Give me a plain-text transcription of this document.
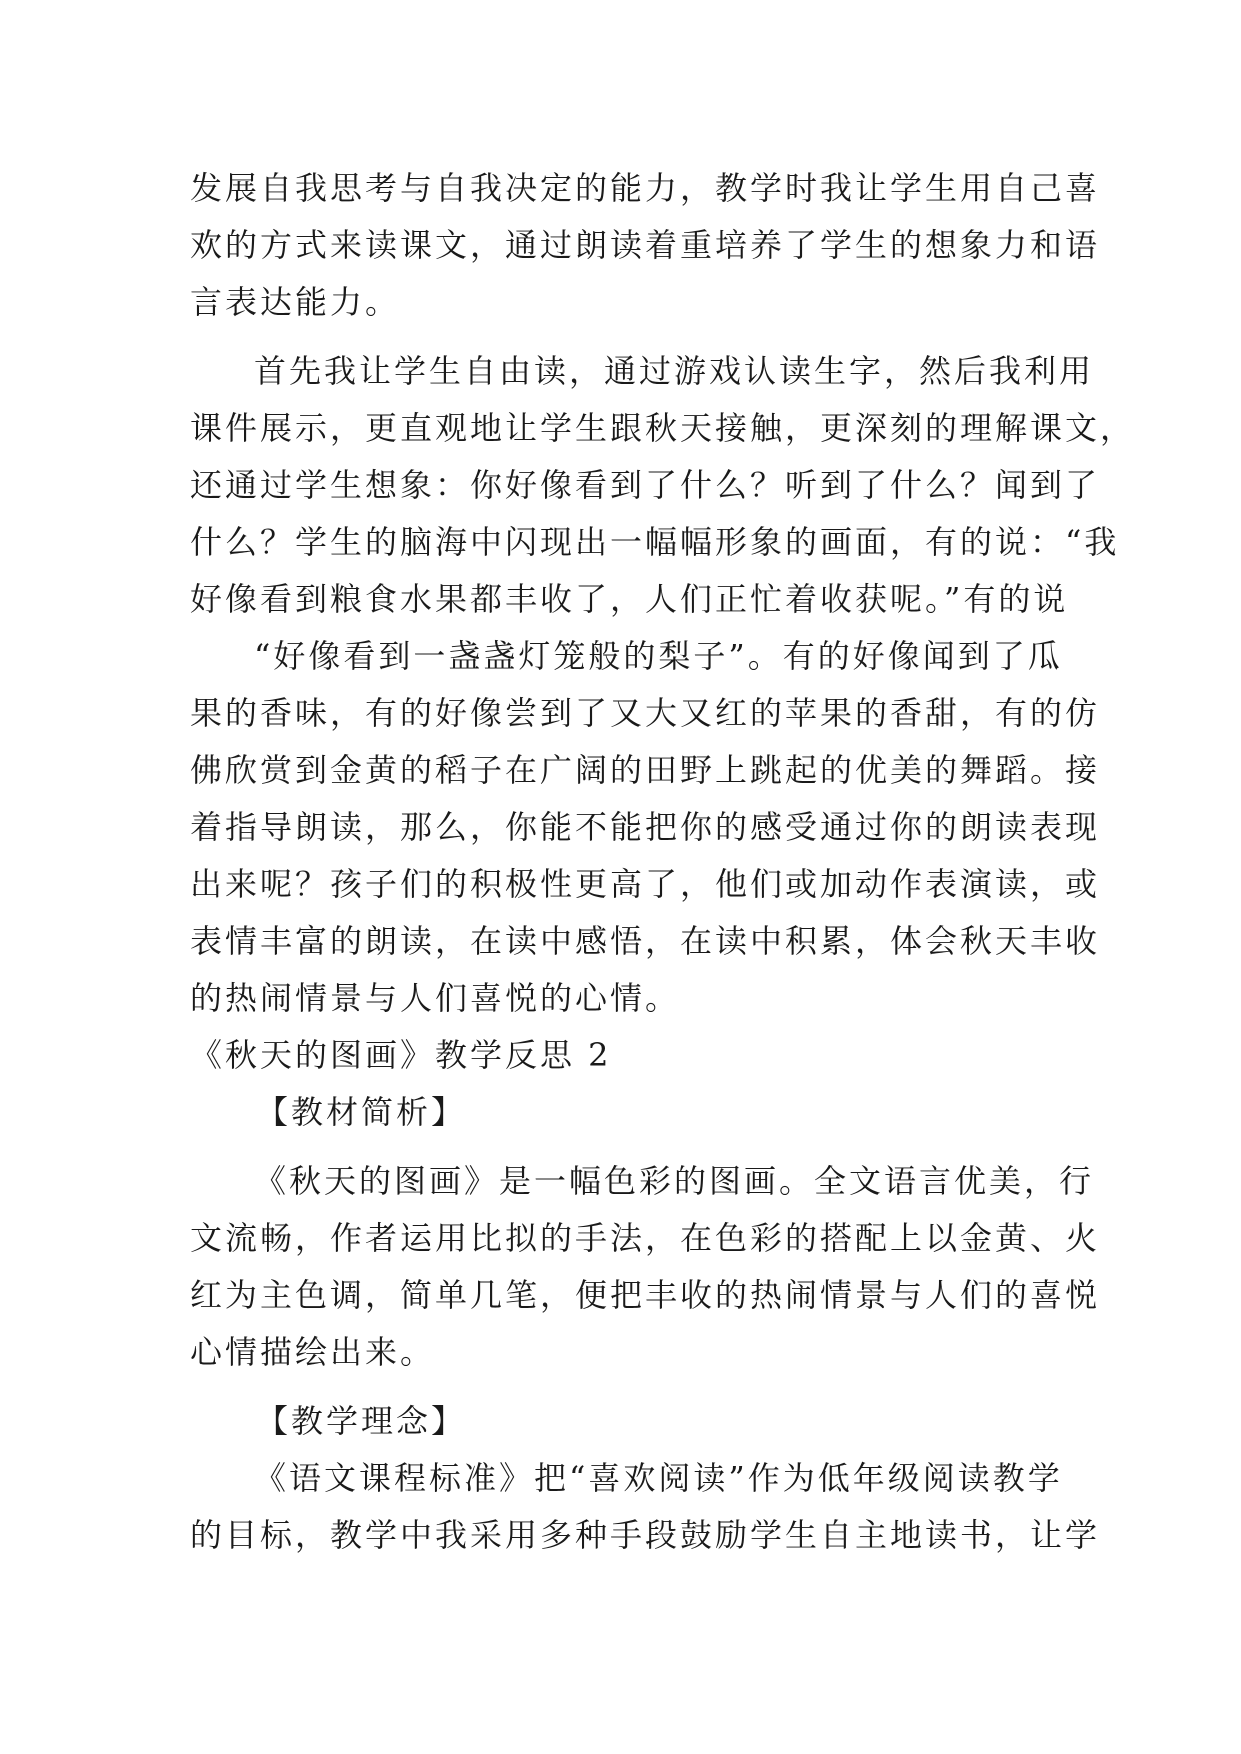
发展自我思考与自我决定的能力，教学时我让学生用自己喜
欢的方式来读课文，通过朗读着重培养了学生的想象力和语
言表达能力。
首先我让学生自由读，通过游戏认读生字，然后我利用
课件展示，更直观地让学生跟秋天接触，更深刻的理解课文，
还通过学生想象：你好像看到了什么？听到了什么？闻到了
什么？学生的脑海中闪现出一幅幅形象的画面，有的说：“我
好像看到粮食水果都丰收了，人们正忙着收获呢。”有的说
“好像看到一盏盏灯笼般的梨子”。有的好像闻到了瓜
果的香味，有的好像尝到了又大又红的苹果的香甜，有的仿
佛欣赏到金黄的稻子在广阔的田野上跳起的优美的舞蹈。接
着指导朗读，那么，你能不能把你的感受通过你的朗读表现
出来呢？孩子们的积极性更高了，他们或加动作表演读，或
表情丰富的朗读，在读中感悟，在读中积累，体会秋天丰收
的热闹情景与人们喜悦的心情。
《秋天的图画》教学反思 2
【教材简析】
《秋天的图画》是一幅色彩的图画。全文语言优美，行
文流畅，作者运用比拟的手法，在色彩的搭配上以金黄、火
红为主色调，简单几笔，便把丰收的热闹情景与人们的喜悦
心情描绘出来。
【教学理念】
《语文课程标准》把“喜欢阅读”作为低年级阅读教学
的目标，教学中我采用多种手段鼓励学生自主地读书，让学
